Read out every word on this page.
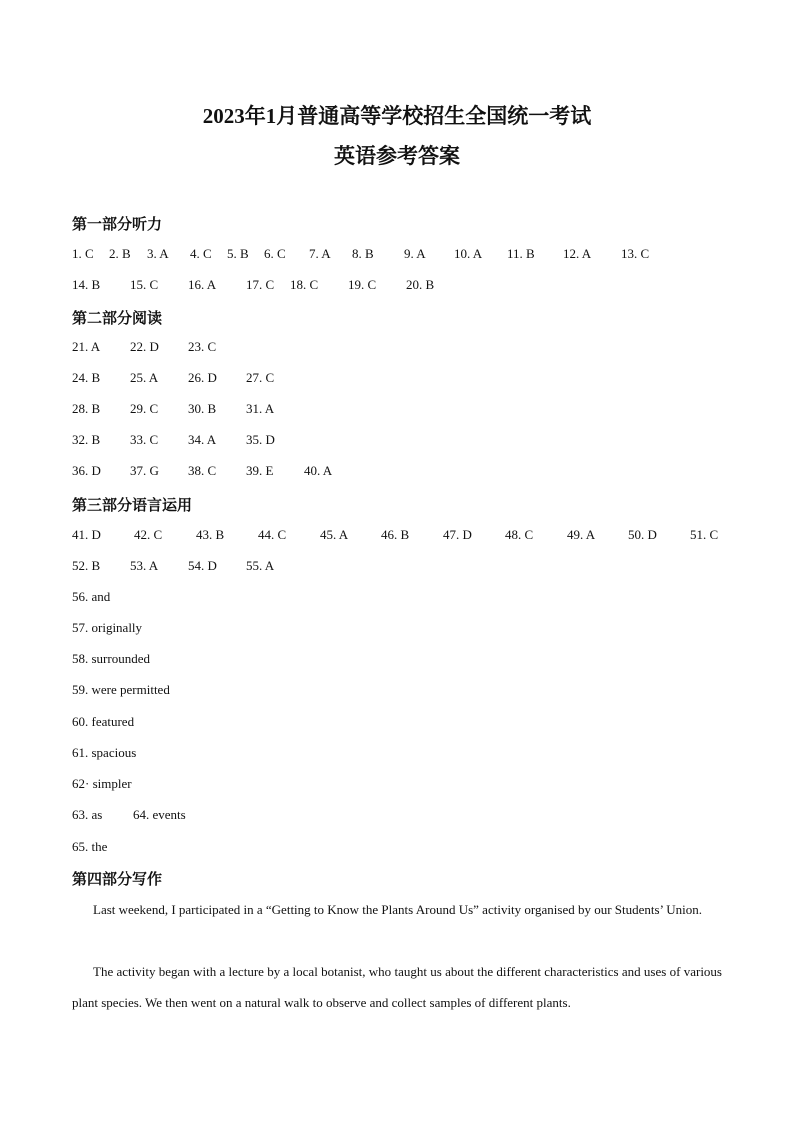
2023年1月普通高等学校招生全国统一考试
英语参考答案
第一部分听力
1. C 2. B 3. A 4. C 5. B 6. C 7. A 8. B 9. A 10. A 11. B 12. A 13. C
14. B 15. C 16. A 17. C 18. C 19. C 20. B
第二部分阅读
21. A 22. D 23. C
24. B 25. A 26. D 27. C
28. B 29. C 30. B 31. A
32. B 33. C 34. A 35. D
36. D 37. G 38. C 39. E 40. A
第三部分语言运用
41. D	42. C	43. B	44. C	45. A	46. B	47. D	48. C	49. A	50. D	51. C
52. B 53. A 54. D 55. A
56. and
57. originally
58. surrounded
59. were permitted
60. featured
61. spacious
62· simpler
63. as 64. events
65. the
第四部分写作
Last weekend, I participated in a “Getting to Know the Plants Around Us” activity organised by our Students’ Union.
The activity began with a lecture by a local botanist, who taught us about the different characteristics and uses of various plant species. We then went on a natural walk to observe and collect samples of different plants.
